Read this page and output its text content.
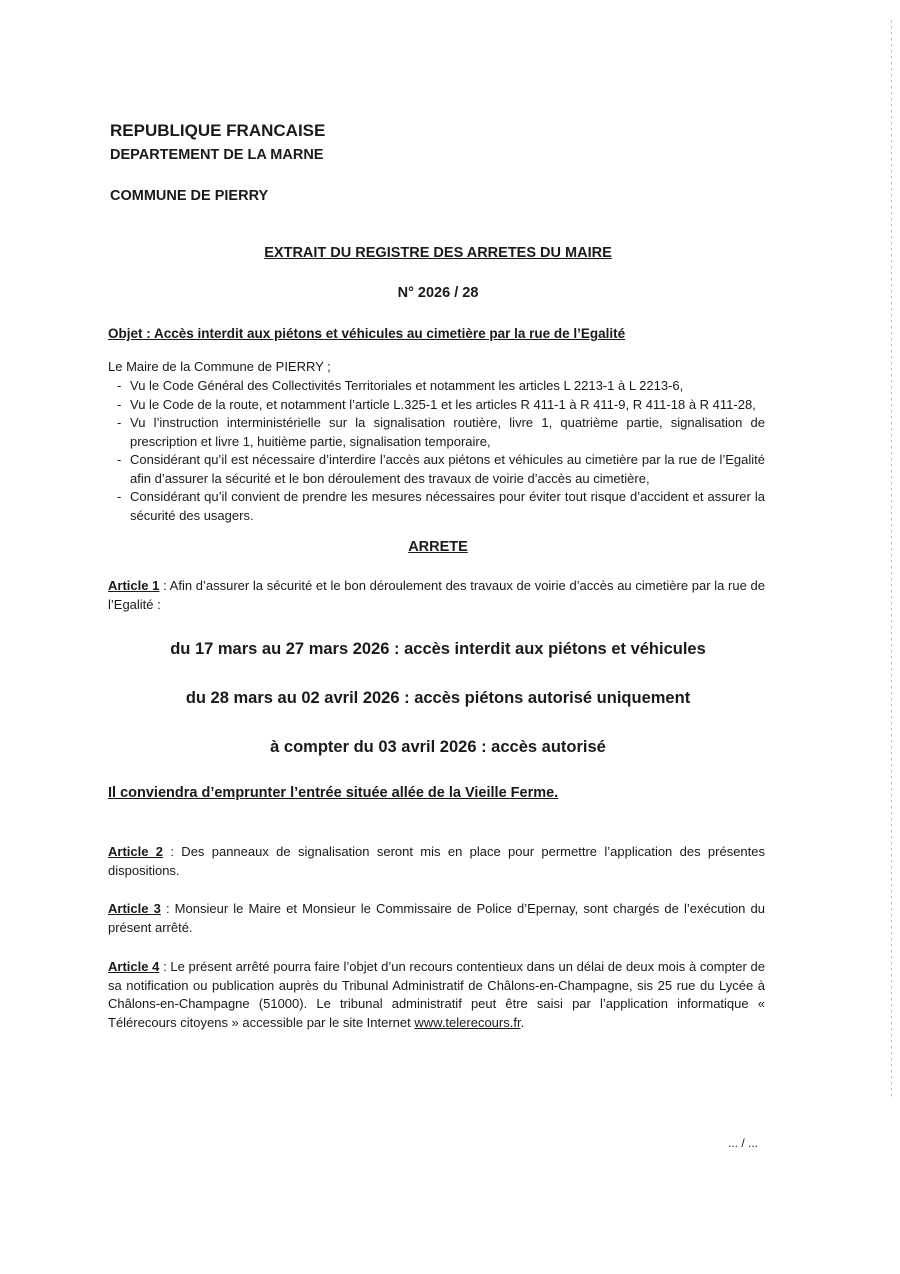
REPUBLIQUE FRANCAISE
DEPARTEMENT DE LA MARNE
COMMUNE DE PIERRY
EXTRAIT DU REGISTRE DES ARRETES DU MAIRE
N° 2026 / 28
Objet : Accès interdit aux piétons et véhicules au cimetière par la rue de l’Egalité
Le Maire de la Commune de PIERRY ;
- Vu le Code Général des Collectivités Territoriales et notamment les articles L 2213-1 à L 2213-6,
- Vu le Code de la route, et notamment l’article L.325-1 et les articles R 411-1 à R 411-9, R 411-18 à R 411-28,
- Vu l’instruction interministérielle sur la signalisation routière, livre 1, quatrième partie, signalisation de prescription et livre 1, huitième partie, signalisation temporaire,
- Considérant qu’il est nécessaire d’interdire l’accès aux piétons et véhicules au cimetière par la rue de l’Egalité afin d’assurer la sécurité et le bon déroulement des travaux de voirie d’accès au cimetière,
- Considérant qu’il convient de prendre les mesures nécessaires pour éviter tout risque d’accident et assurer la sécurité des usagers.
ARRETE
Article 1 : Afin d’assurer la sécurité et le bon déroulement des travaux de voirie d’accès au cimetière par la rue de l’Egalité :
du 17 mars au 27 mars 2026 : accès interdit aux piétons et véhicules
du 28 mars au 02 avril 2026 : accès piétons autorisé uniquement
à compter du 03 avril 2026 : accès autorisé
Il conviendra d’emprunter l’entrée située allée de la Vieille Ferme.
Article 2 : Des panneaux de signalisation seront mis en place pour permettre l’application des présentes dispositions.
Article 3 : Monsieur le Maire et Monsieur le Commissaire de Police d’Epernay, sont chargés de l’exécution du présent arrêté.
Article 4 : Le présent arrêté pourra faire l’objet d’un recours contentieux dans un délai de deux mois à compter de sa notification ou publication auprès du Tribunal Administratif de Châlons-en-Champagne, sis 25 rue du Lycée à Châlons-en-Champagne (51000). Le tribunal administratif peut être saisi par l’application informatique « Télérecours citoyens » accessible par le site Internet www.telerecours.fr.
... / ...
